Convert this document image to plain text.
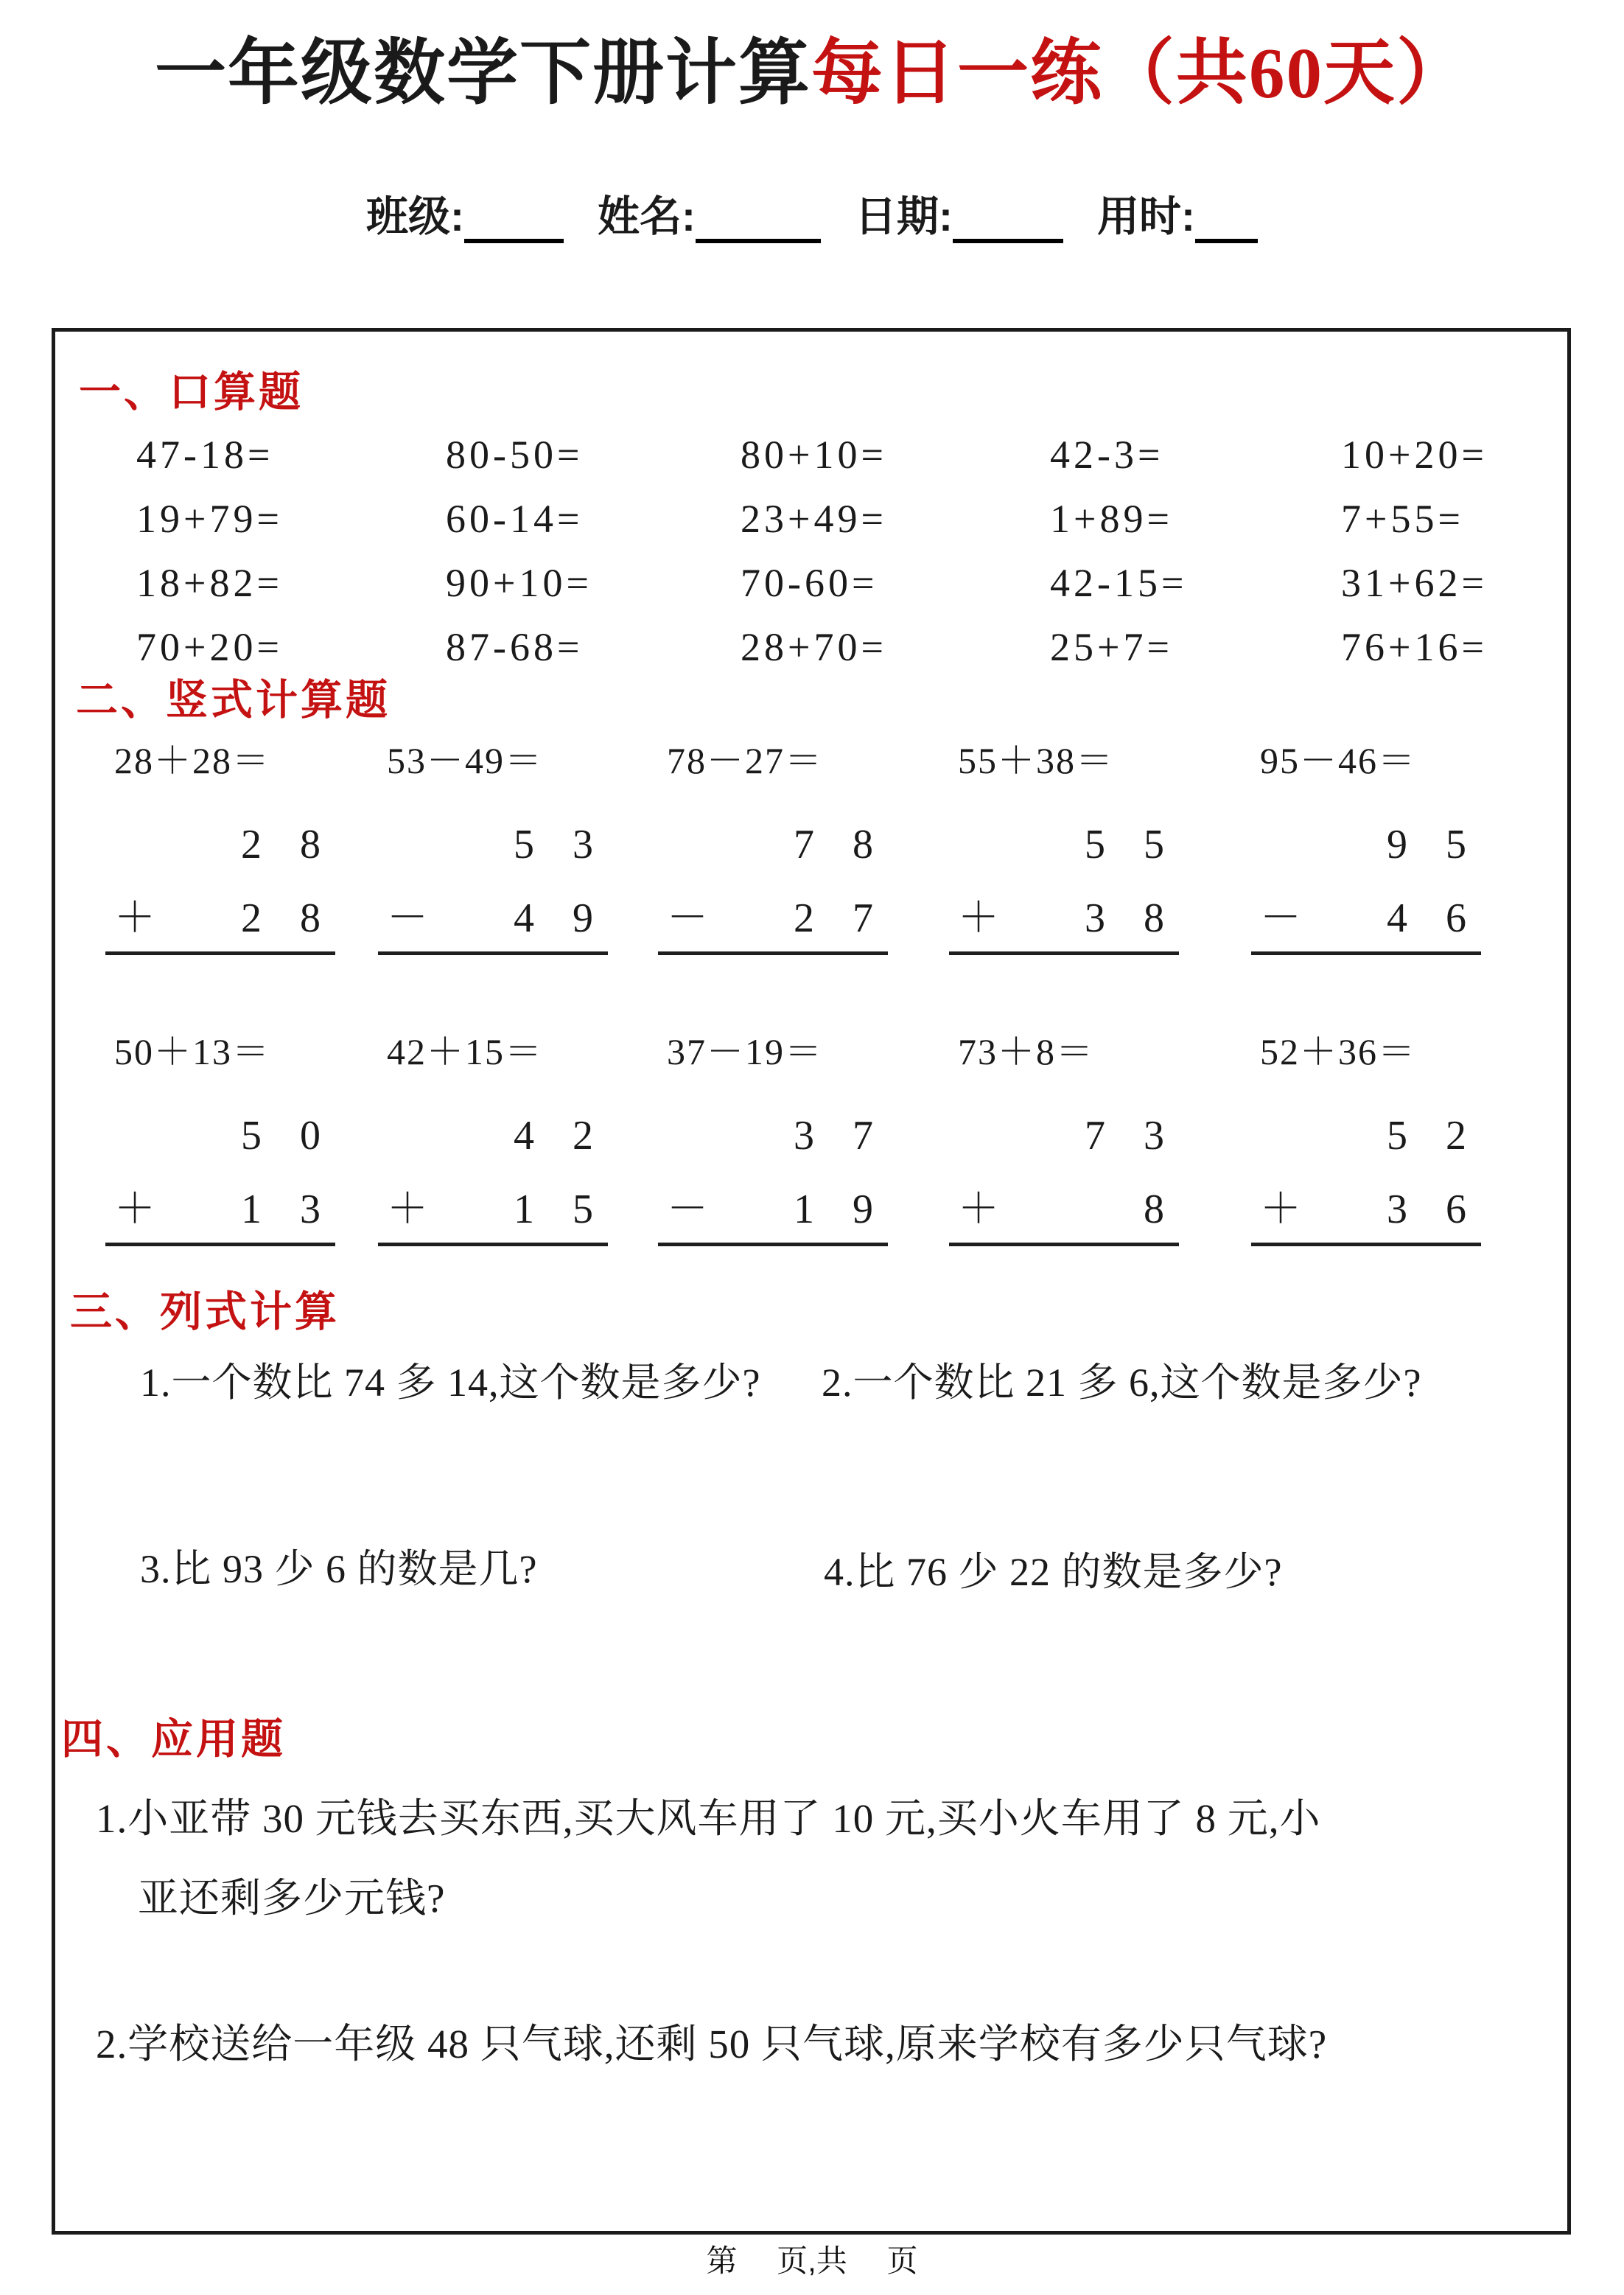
一年级数学下册计算每日一练（共60天）
班级:	姓名:	日期:	用时:
一、口算题
47-18=	80-50=	80+10=	42-3=	10+20=
19+79=	60-14=	23+49=	1+89=	7+55=
18+82=	90+10=	70-60=	42-15=	31+62=
70+20=	87-68=	28+70=	25+7=	76+16=
二、竖式计算题
28＋28＝
2 8
＋ 2 8
53－49＝
5 3
－ 4 9
78－27＝
7 8
－ 2 7
55＋38＝
5 5
＋ 3 8
95－46＝
9 5
－ 4 6
50＋13＝
5 0
＋ 1 3
42＋15＝
4 2
＋ 1 5
37－19＝
3 7
－ 1 9
73＋8＝
7 3
＋	8
52＋36＝
5 2
＋ 3 6
三、列式计算
1.一个数比 74 多 14,这个数是多少? 2.一个数比 21 多 6,这个数是多少?
3.比 93 少 6 的数是几?	4.比 76 少 22 的数是多少?
四、应用题
1.小亚带 30 元钱去买东西,买大风车用了 10 元,买小火车用了 8 元,小
亚还剩多少元钱?
2.学校送给一年级 48 只气球,还剩 50 只气球,原来学校有多少只气球?
第　 页,共　 页
